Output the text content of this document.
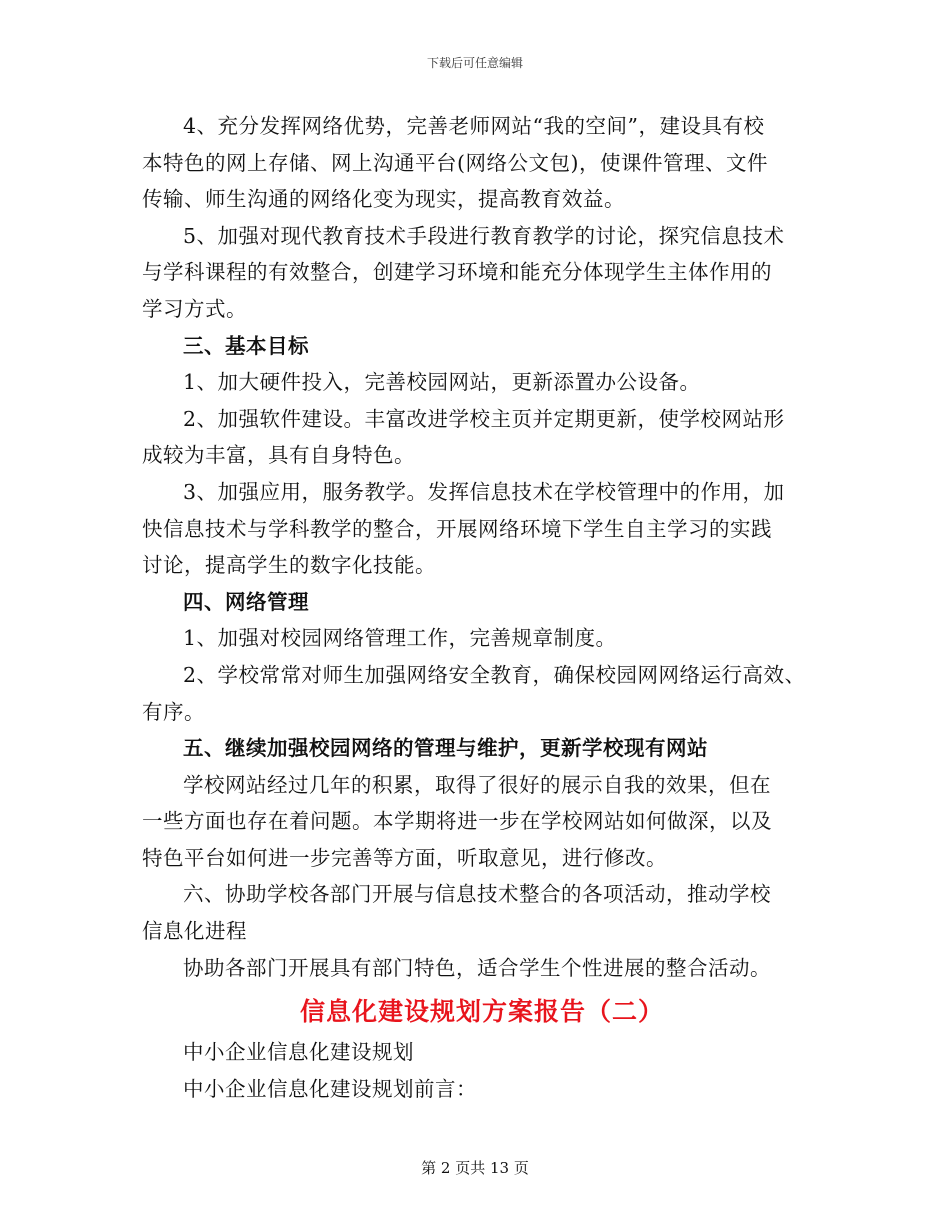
下载后可任意编辑

4、充分发挥网络优势，完善老师网站“我的空间”，建设具有校
本特色的网上存储、网上沟通平台(网络公文包)，使课件管理、文件
传输、师生沟通的网络化变为现实，提高教育效益。

5、加强对现代教育技术手段进行教育教学的讨论，探究信息技术
与学科课程的有效整合，创建学习环境和能充分体现学生主体作用的
学习方式。

三、基本目标

1、加大硬件投入，完善校园网站，更新添置办公设备。

2、加强软件建设。丰富改进学校主页并定期更新，使学校网站形
成较为丰富，具有自身特色。

3、加强应用，服务教学。发挥信息技术在学校管理中的作用，加
快信息技术与学科教学的整合，开展网络环境下学生自主学习的实践
讨论，提高学生的数字化技能。

四、网络管理

1、加强对校园网络管理工作，完善规章制度。

2、学校常常对师生加强网络安全教育，确保校园网网络运行高效、
有序。

五、继续加强校园网络的管理与维护，更新学校现有网站

学校网站经过几年的积累，取得了很好的展示自我的效果，但在
一些方面也存在着问题。本学期将进一步在学校网站如何做深，以及
特色平台如何进一步完善等方面，听取意见，进行修改。

六、协助学校各部门开展与信息技术整合的各项活动，推动学校
信息化进程

协助各部门开展具有部门特色，适合学生个性进展的整合活动。

信息化建设规划方案报告（二）

中小企业信息化建设规划

中小企业信息化建设规划前言：

第 2 页共 13 页
